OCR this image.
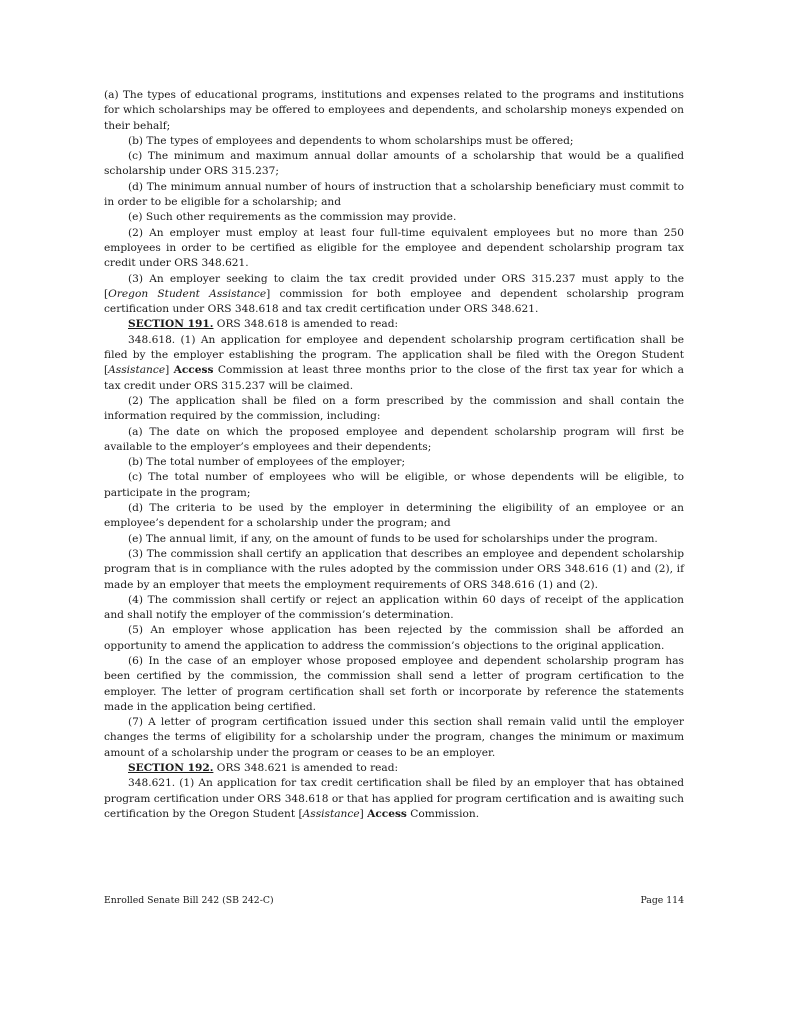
(a) The types of educational programs, institutions and expenses related to the programs and institutions for which scholarships may be offered to employees and dependents, and scholarship moneys expended on their behalf;

(b) The types of employees and dependents to whom scholarships must be offered;

(c) The minimum and maximum annual dollar amounts of a scholarship that would be a qualified scholarship under ORS 315.237;

(d) The minimum annual number of hours of instruction that a scholarship beneficiary must commit to in order to be eligible for a scholarship; and

(e) Such other requirements as the commission may provide.

(2) An employer must employ at least four full-time equivalent employees but no more than 250 employees in order to be certified as eligible for the employee and dependent scholarship program tax credit under ORS 348.621.

(3) An employer seeking to claim the tax credit provided under ORS 315.237 must apply to the [Oregon Student Assistance] commission for both employee and dependent scholarship program certification under ORS 348.618 and tax credit certification under ORS 348.621.

SECTION 191. ORS 348.618 is amended to read:

348.618. (1) An application for employee and dependent scholarship program certification shall be filed by the employer establishing the program. The application shall be filed with the Oregon Student [Assistance] Access Commission at least three months prior to the close of the first tax year for which a tax credit under ORS 315.237 will be claimed.

(2) The application shall be filed on a form prescribed by the commission and shall contain the information required by the commission, including:

(a) The date on which the proposed employee and dependent scholarship program will first be available to the employer’s employees and their dependents;

(b) The total number of employees of the employer;

(c) The total number of employees who will be eligible, or whose dependents will be eligible, to participate in the program;

(d) The criteria to be used by the employer in determining the eligibility of an employee or an employee’s dependent for a scholarship under the program; and

(e) The annual limit, if any, on the amount of funds to be used for scholarships under the program.

(3) The commission shall certify an application that describes an employee and dependent scholarship program that is in compliance with the rules adopted by the commission under ORS 348.616 (1) and (2), if made by an employer that meets the employment requirements of ORS 348.616 (1) and (2).

(4) The commission shall certify or reject an application within 60 days of receipt of the application and shall notify the employer of the commission’s determination.

(5) An employer whose application has been rejected by the commission shall be afforded an opportunity to amend the application to address the commission’s objections to the original application.

(6) In the case of an employer whose proposed employee and dependent scholarship program has been certified by the commission, the commission shall send a letter of program certification to the employer. The letter of program certification shall set forth or incorporate by reference the statements made in the application being certified.

(7) A letter of program certification issued under this section shall remain valid until the employer changes the terms of eligibility for a scholarship under the program, changes the minimum or maximum amount of a scholarship under the program or ceases to be an employer.

SECTION 192. ORS 348.621 is amended to read:

348.621. (1) An application for tax credit certification shall be filed by an employer that has obtained program certification under ORS 348.618 or that has applied for program certification and is awaiting such certification by the Oregon Student [Assistance] Access Commission.

Enrolled Senate Bill 242 (SB 242-C)	Page 114
